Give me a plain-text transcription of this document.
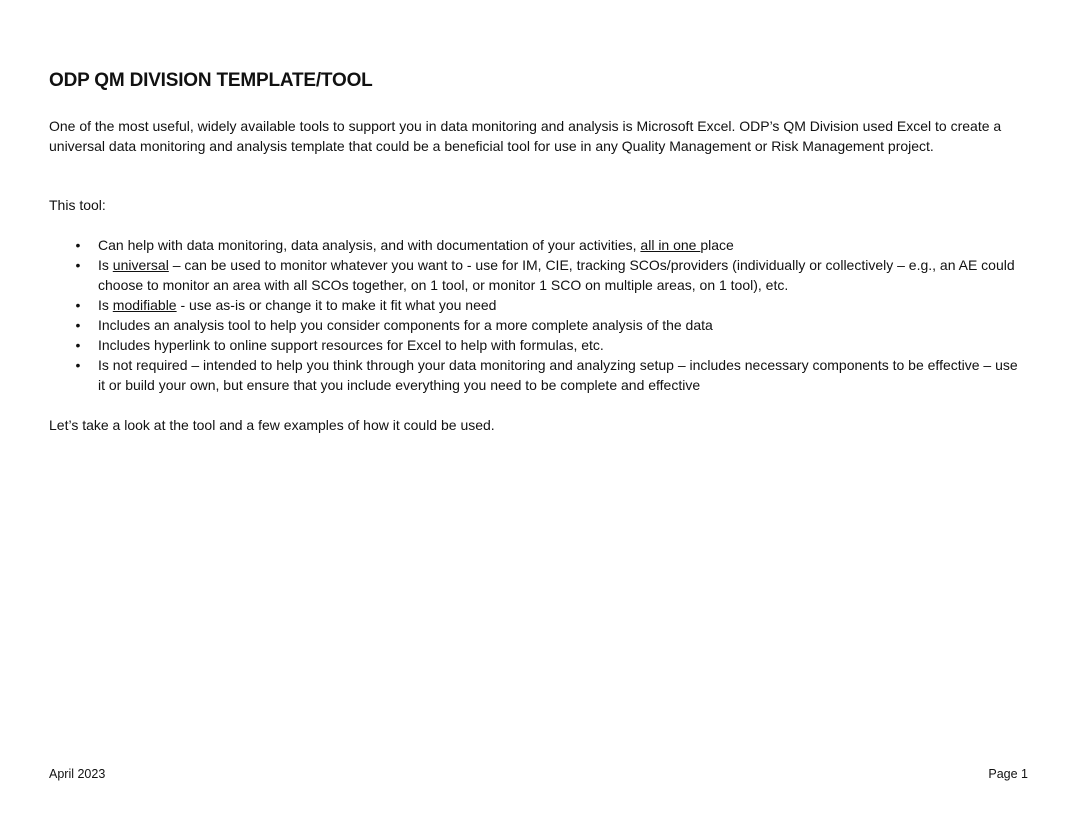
ODP QM DIVISION TEMPLATE/TOOL

One of the most useful, widely available tools to support you in data monitoring and analysis is Microsoft Excel. ODP’s QM Division used Excel to create a universal data monitoring and analysis template that could be a beneficial tool for use in any Quality Management or Risk Management project.

This tool:

• Can help with data monitoring, data analysis, and with documentation of your activities, all in one place
• Is universal – can be used to monitor whatever you want to - use for IM, CIE, tracking SCOs/providers (individually or collectively – e.g., an AE could choose to monitor an area with all SCOs together, on 1 tool, or monitor 1 SCO on multiple areas, on 1 tool), etc.
• Is modifiable - use as-is or change it to make it fit what you need
• Includes an analysis tool to help you consider components for a more complete analysis of the data
• Includes hyperlink to online support resources for Excel to help with formulas, etc.
• Is not required – intended to help you think through your data monitoring and analyzing setup – includes necessary components to be effective – use it or build your own, but ensure that you include everything you need to be complete and effective

Let’s take a look at the tool and a few examples of how it could be used.

April 2023	Page 1
